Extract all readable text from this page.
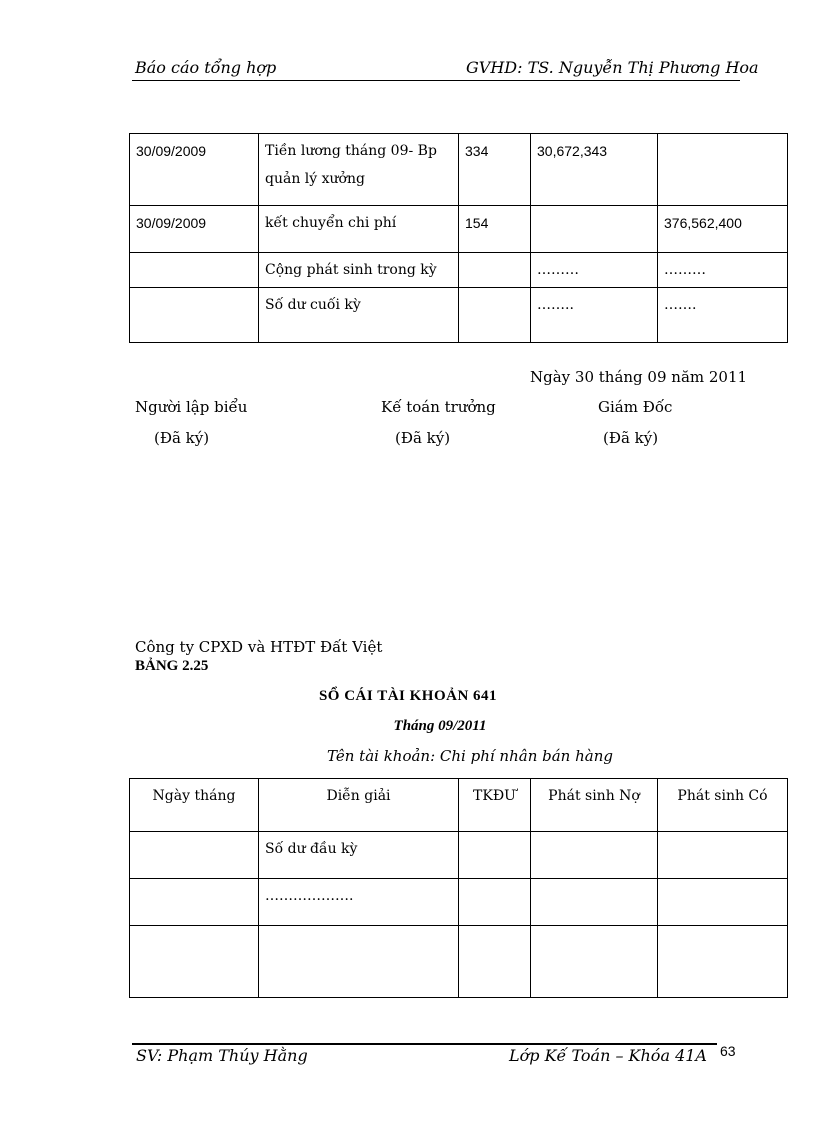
Báo cáo tổng hợp	GVHD: TS. Nguyễn Thị Phương Hoa
30/09/2009	Tiền lương tháng 09- Bp quản lý xưởng	334	30,672,343	
30/09/2009	kết chuyển chi phí	154		376,562,400
	Cộng phát sinh trong kỳ		………	………
	Số dư cuối kỳ		……..	…….
Ngày 30 tháng 09 năm 2011
Người lập biểu	Kế toán trưởng	Giám Đốc
(Đã ký)	(Đã ký)	(Đã ký)
Công ty CPXD và HTĐT Đất Việt
BẢNG 2.25
SỔ CÁI TÀI KHOẢN 641
Tháng 09/2011
Tên tài khoản: Chi phí nhân bán hàng
Ngày tháng	Diễn giải	TKĐƯ	Phát sinh Nợ	Phát sinh Có
	Số dư đầu kỳ			
	……………….			

SV: Phạm Thúy Hằng	Lớp Kế Toán – Khóa 41A 63
